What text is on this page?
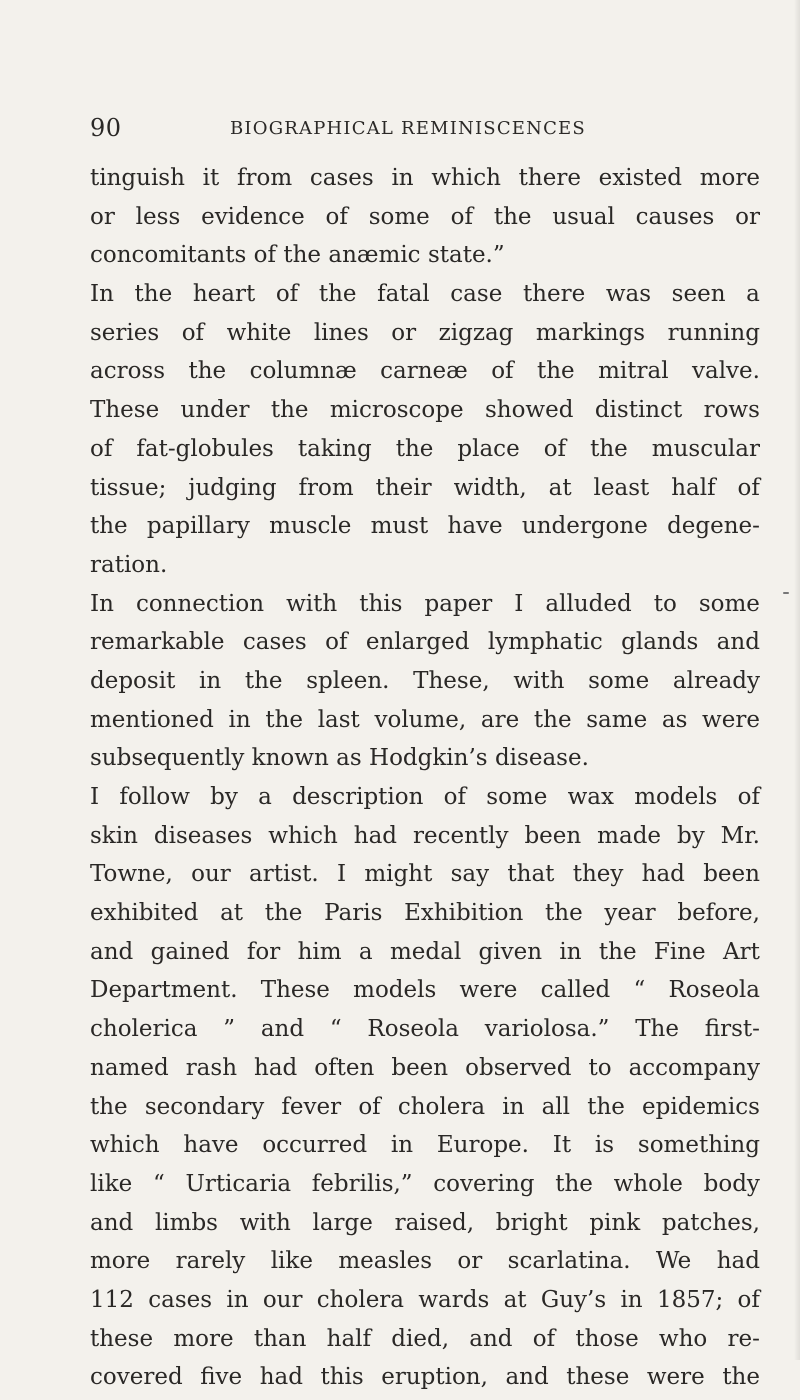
90	BIOGRAPHICAL REMINISCENCES
tinguish it from cases in which there existed more
or less evidence of some of the usual causes or
concomitants of the anæmic state.”
In the heart of the fatal case there was seen a
series of white lines or zigzag markings running
across the columnæ carneæ of the mitral valve.
These under the microscope showed distinct rows
of fat-globules taking the place of the muscular
tissue; judging from their width, at least half of
the papillary muscle must have undergone degene-
ration.
In connection with this paper I alluded to some
remarkable cases of enlarged lymphatic glands and
deposit in the spleen. These, with some already
mentioned in the last volume, are the same as were
subsequently known as Hodgkin’s disease.
I follow by a description of some wax models of
skin diseases which had recently been made by Mr.
Towne, our artist. I might say that they had been
exhibited at the Paris Exhibition the year before,
and gained for him a medal given in the Fine Art
Department. These models were called “ Roseola
cholerica ” and “ Roseola variolosa.” The first-
named rash had often been observed to accompany
the secondary fever of cholera in all the epidemics
which have occurred in Europe. It is something
like “ Urticaria febrilis,” covering the whole body
and limbs with large raised, bright pink patches,
more rarely like measles or scarlatina. We had
112 cases in our cholera wards at Guy’s in 1857; of
these more than half died, and of those who re-
covered five had this eruption, and these were the
